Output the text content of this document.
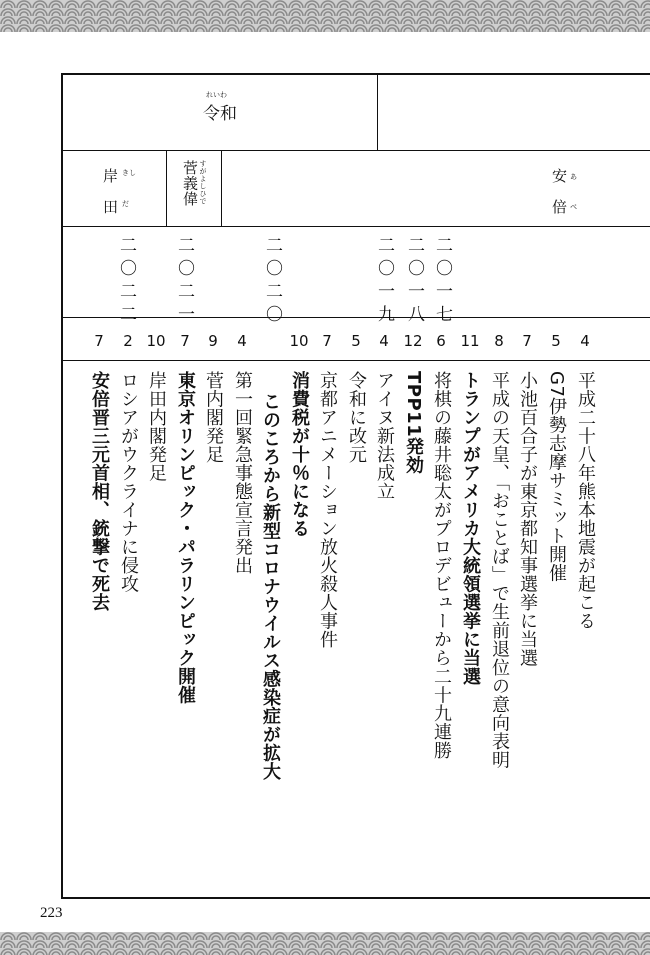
令和
れいわ
岸 きし
田 だ	菅義偉 すがよしひで	安 あ
倍 べ
二〇一七
二〇一八
二〇一九
二〇二〇
二〇二一
二〇二二
4
5
7
8
11
6
12
4
5
7
10
4
9
7
10
2
7
平成二十八年熊本地震が起こる
G7伊勢志摩サミット開催
小池百合子が東京都知事選挙に当選
平成の天皇、「おことば」で生前退位の意向表明
トランプがアメリカ大統領選挙に当選
将棋の藤井聡太がプロデビューから二十九連勝
TPP11発効
アイヌ新法成立
令和に改元
京都アニメーション放火殺人事件
消費税が十％になる
このころから新型コロナウイルス感染症が拡大
第一回緊急事態宣言発出
菅内閣発足
東京オリンピック・パラリンピック開催
岸田内閣発足
ロシアがウクライナに侵攻
安倍晋三元首相、銃撃で死去
223
